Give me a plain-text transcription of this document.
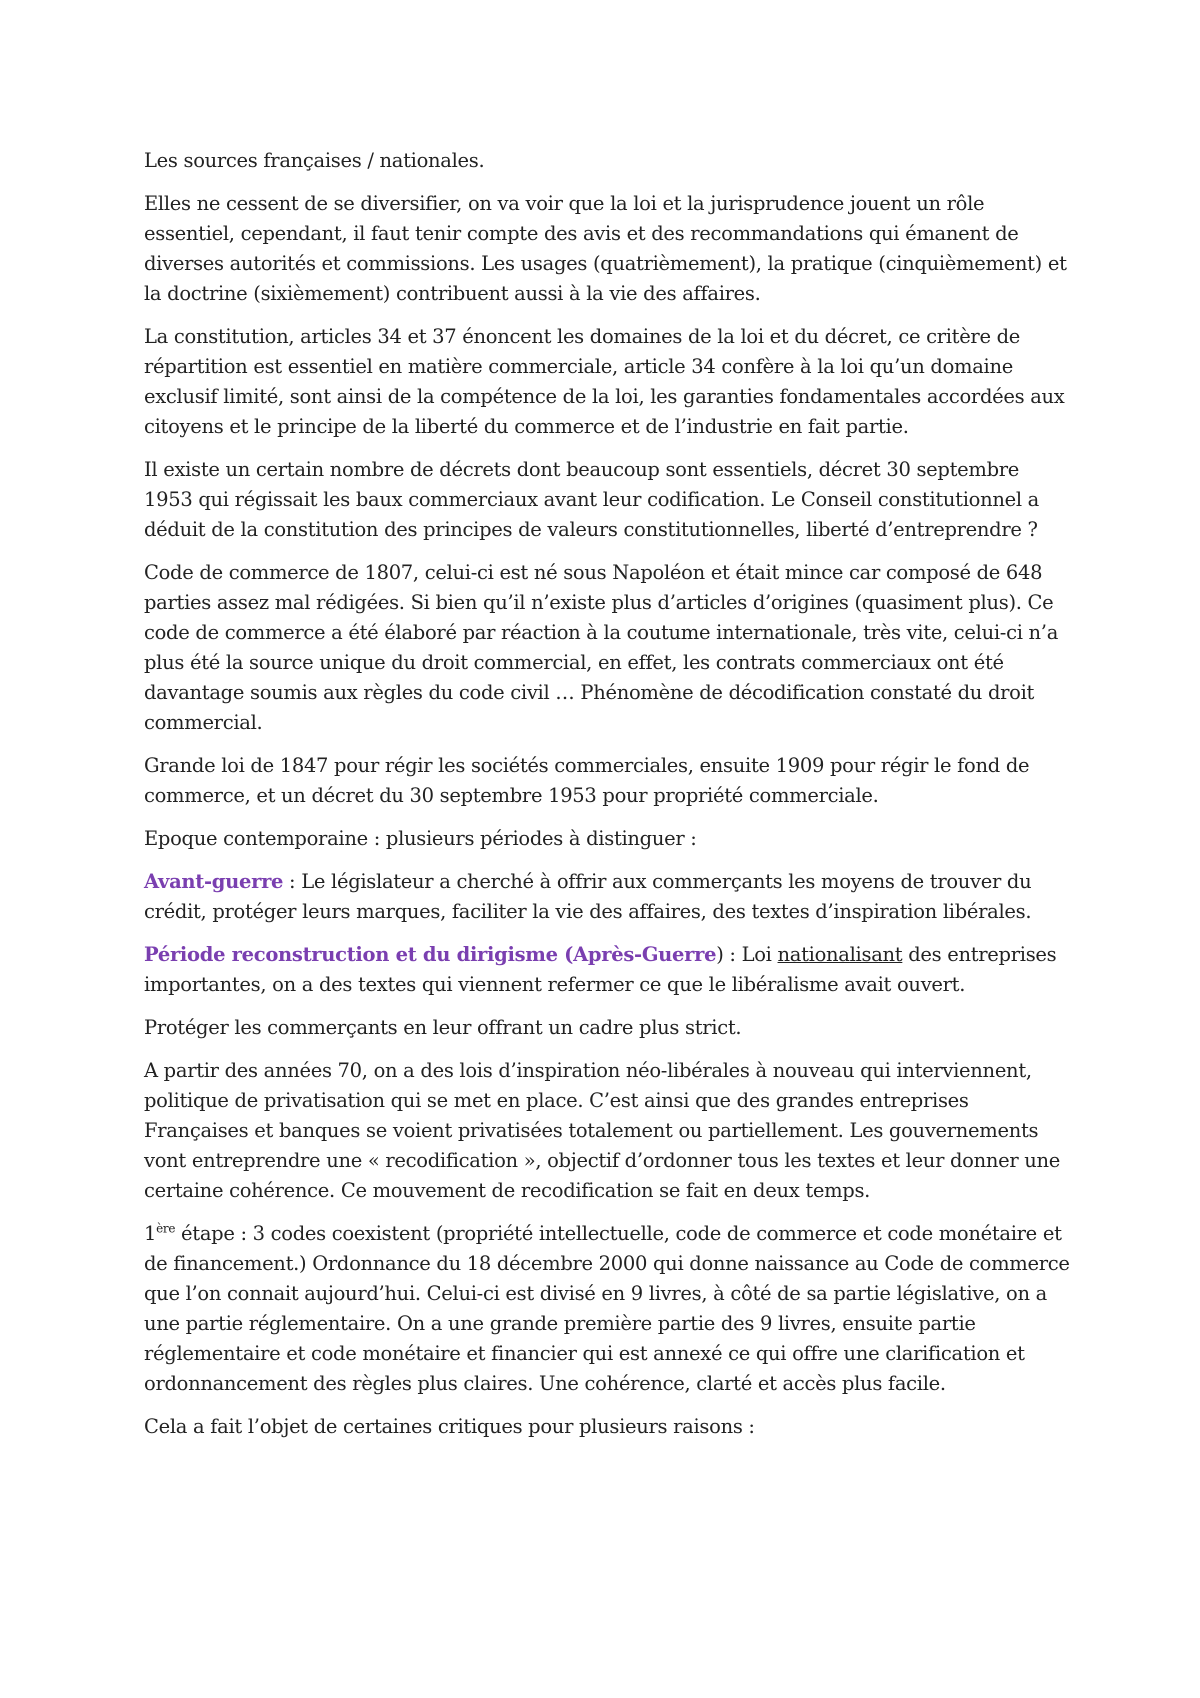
Les sources françaises / nationales.

Elles ne cessent de se diversifier, on va voir que la loi et la jurisprudence jouent un rôle essentiel, cependant, il faut tenir compte des avis et des recommandations qui émanent de diverses autorités et commissions. Les usages (quatrièmement), la pratique (cinquièmement) et la doctrine (sixièmement) contribuent aussi à la vie des affaires.

La constitution, articles 34 et 37 énoncent les domaines de la loi et du décret, ce critère de répartition est essentiel en matière commerciale, article 34 confère à la loi qu’un domaine exclusif limité, sont ainsi de la compétence de la loi, les garanties fondamentales accordées aux citoyens et le principe de la liberté du commerce et de l’industrie en fait partie.

Il existe un certain nombre de décrets dont beaucoup sont essentiels, décret 30 septembre 1953 qui régissait les baux commerciaux avant leur codification. Le Conseil constitutionnel a déduit de la constitution des principes de valeurs constitutionnelles, liberté d’entreprendre ?

Code de commerce de 1807, celui-ci est né sous Napoléon et était mince car composé de 648 parties assez mal rédigées. Si bien qu’il n’existe plus d’articles d’origines (quasiment plus). Ce code de commerce a été élaboré par réaction à la coutume internationale, très vite, celui-ci n’a plus été la source unique du droit commercial, en effet, les contrats commerciaux ont été davantage soumis aux règles du code civil … Phénomène de décodification constaté du droit commercial.

Grande loi de 1847 pour régir les sociétés commerciales, ensuite 1909 pour régir le fond de commerce, et un décret du 30 septembre 1953 pour propriété commerciale.

Epoque contemporaine : plusieurs périodes à distinguer :

Avant-guerre : Le législateur a cherché à offrir aux commerçants les moyens de trouver du crédit, protéger leurs marques, faciliter la vie des affaires, des textes d’inspiration libérales.

Période reconstruction et du dirigisme (Après-Guerre) : Loi nationalisant des entreprises importantes, on a des textes qui viennent refermer ce que le libéralisme avait ouvert.

Protéger les commerçants en leur offrant un cadre plus strict.

A partir des années 70, on a des lois d’inspiration néo-libérales à nouveau qui interviennent, politique de privatisation qui se met en place. C’est ainsi que des grandes entreprises Françaises et banques se voient privatisées totalement ou partiellement. Les gouvernements vont entreprendre une « recodification », objectif d’ordonner tous les textes et leur donner une certaine cohérence. Ce mouvement de recodification se fait en deux temps.

1ère étape : 3 codes coexistent (propriété intellectuelle, code de commerce et code monétaire et de financement.) Ordonnance du 18 décembre 2000 qui donne naissance au Code de commerce que l’on connait aujourd’hui. Celui-ci est divisé en 9 livres, à côté de sa partie législative, on a une partie réglementaire. On a une grande première partie des 9 livres, ensuite partie réglementaire et code monétaire et financier qui est annexé ce qui offre une clarification et ordonnancement des règles plus claires. Une cohérence, clarté et accès plus facile.

Cela a fait l’objet de certaines critiques pour plusieurs raisons :
